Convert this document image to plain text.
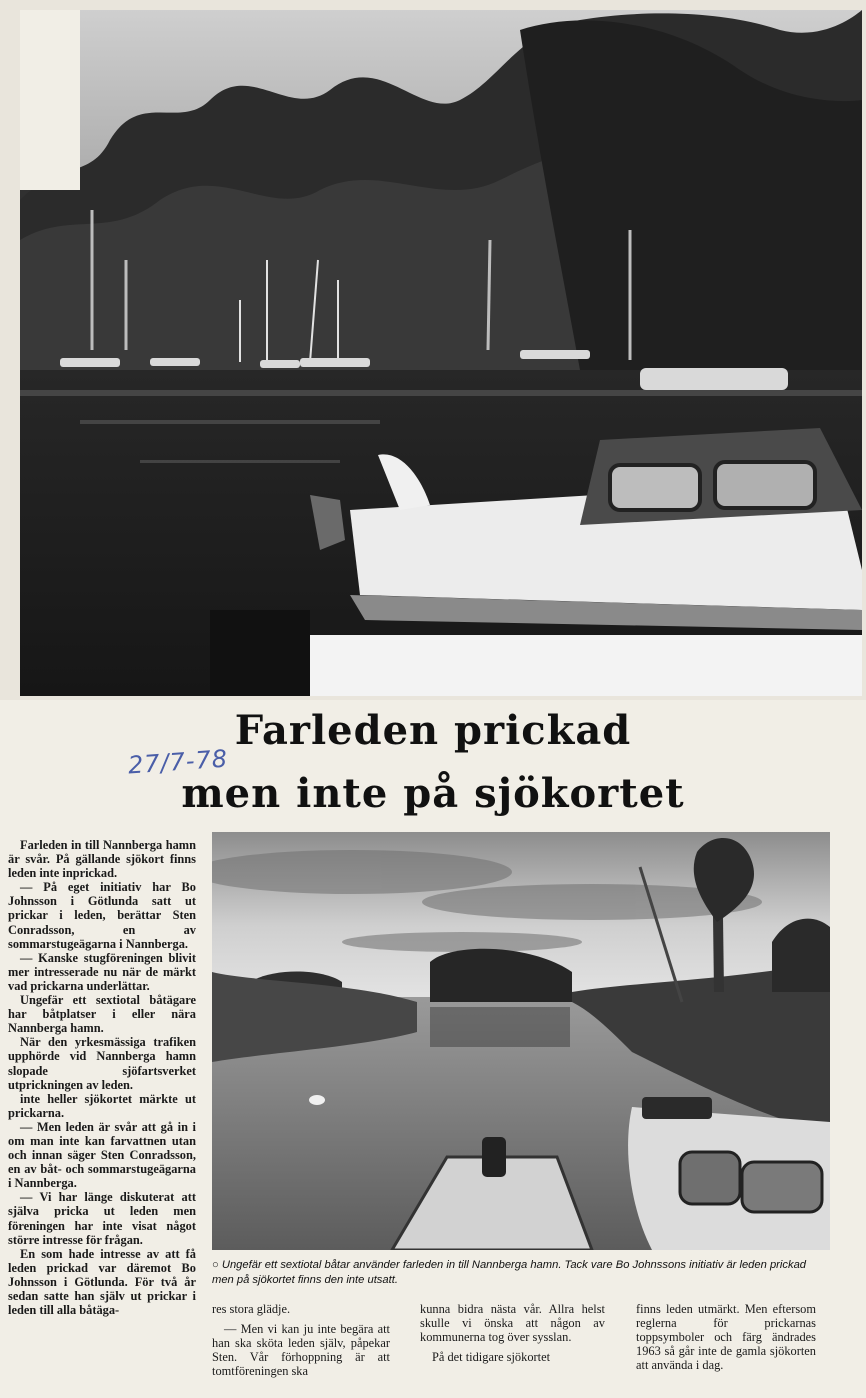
Farleden prickad
27/7-78
men inte på sjökortet

Farleden in till Nannberga hamn är svår. På gällande sjökort finns leden inte inprickad.

— På eget initiativ har Bo Johnsson i Götlunda satt ut prickar i leden, berättar Sten Conradsson, en av sommarstugeägarna i Nannberga.

— Kanske stugföreningen blivit mer intresserade nu när de märkt vad prickarna underlättar.

Ungefär ett sextiotal båtägare har båtplatser i eller nära Nannberga hamn.

När den yrkesmässiga trafiken upphörde vid Nannberga hamn slopade sjöfartsverket utprickningen av leden.

inte heller sjökortet märkte ut prickarna.

— Men leden är svår att gå in i om man inte kan farvattnen utan och innan säger Sten Conradsson, en av båt- och sommarstugeägarna i Nannberga.

— Vi har länge diskuterat att själva pricka ut leden men föreningen har inte visat något större intresse för frågan.

En som hade intresse av att få leden prickad var däremot Bo Johnsson i Götlunda. För två år sedan satte han själv ut prickar i leden till alla båtäga-

○ Ungefär ett sextiotal båtar använder farleden in till Nannberga hamn. Tack vare Bo Johnssons initiativ är leden prickad men på sjökortet finns den inte utsatt.

res stora glädje.

— Men vi kan ju inte begära att han ska sköta leden själv, påpekar Sten. Vår förhoppning är att tomtföreningen ska

kunna bidra nästa vår. Allra helst skulle vi önska att någon av kommunerna tog över sysslan.

På det tidigare sjökortet

finns leden utmärkt. Men eftersom reglerna för prickarnas toppsymboler och färg ändrades 1963 så går inte de gamla sjökorten att använda i dag.
